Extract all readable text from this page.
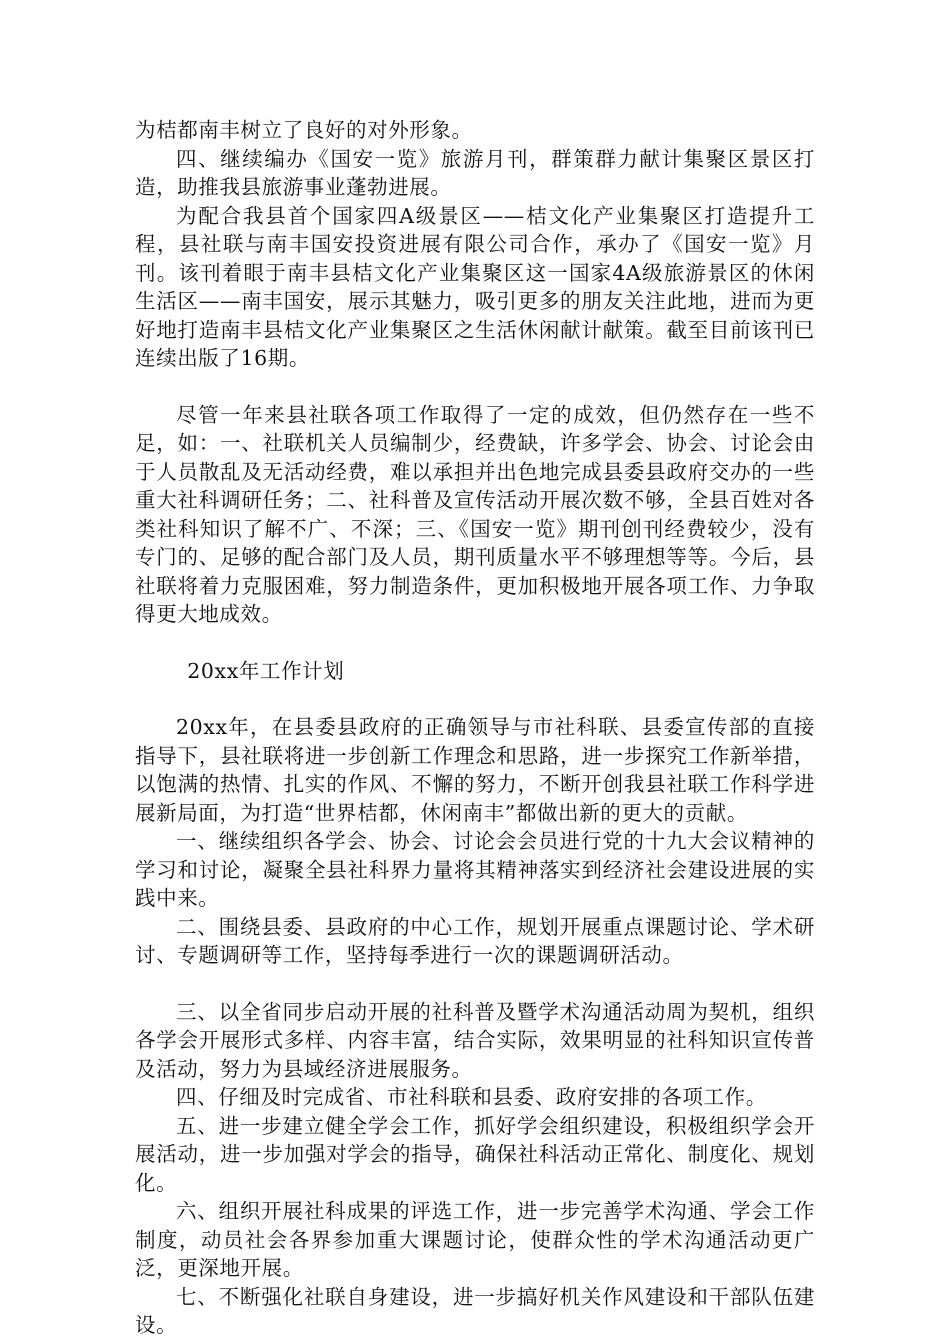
为桔都南丰树立了良好的对外形象。

四、继续编办《国安一览》旅游月刊，群策群力献计集聚区景区打造，助推我县旅游事业蓬勃进展。

为配合我县首个国家四A级景区——桔文化产业集聚区打造提升工程，县社联与南丰国安投资进展有限公司合作，承办了《国安一览》月刊。该刊着眼于南丰县桔文化产业集聚区这一国家4A级旅游景区的休闲生活区——南丰国安，展示其魅力，吸引更多的朋友关注此地，进而为更好地打造南丰县桔文化产业集聚区之生活休闲献计献策。截至目前该刊已连续出版了16期。

尽管一年来县社联各项工作取得了一定的成效，但仍然存在一些不足，如：一、社联机关人员编制少，经费缺，许多学会、协会、讨论会由于人员散乱及无活动经费，难以承担并出色地完成县委县政府交办的一些重大社科调研任务；二、社科普及宣传活动开展次数不够，全县百姓对各类社科知识了解不广、不深；三、《国安一览》期刊创刊经费较少，没有专门的、足够的配合部门及人员，期刊质量水平不够理想等等。今后，县社联将着力克服困难，努力制造条件，更加积极地开展各项工作、力争取得更大地成效。

20xx年工作计划

20xx年，在县委县政府的正确领导与市社科联、县委宣传部的直接指导下，县社联将进一步创新工作理念和思路，进一步探究工作新举措，以饱满的热情、扎实的作风、不懈的努力，不断开创我县社联工作科学进展新局面，为打造“世界桔都，休闲南丰”都做出新的更大的贡献。

一、继续组织各学会、协会、讨论会会员进行党的十九大会议精神的学习和讨论，凝聚全县社科界力量将其精神落实到经济社会建设进展的实践中来。

二、围绕县委、县政府的中心工作，规划开展重点课题讨论、学术研讨、专题调研等工作，坚持每季进行一次的课题调研活动。

三、以全省同步启动开展的社科普及暨学术沟通活动周为契机，组织各学会开展形式多样、内容丰富，结合实际，效果明显的社科知识宣传普及活动，努力为县域经济进展服务。

四、仔细及时完成省、市社科联和县委、政府安排的各项工作。

五、进一步建立健全学会工作，抓好学会组织建设，积极组织学会开展活动，进一步加强对学会的指导，确保社科活动正常化、制度化、规划化。

六、组织开展社科成果的评选工作，进一步完善学术沟通、学会工作制度，动员社会各界参加重大课题讨论，使群众性的学术沟通活动更广泛，更深地开展。

七、不断强化社联自身建设，进一步搞好机关作风建设和干部队伍建设。
